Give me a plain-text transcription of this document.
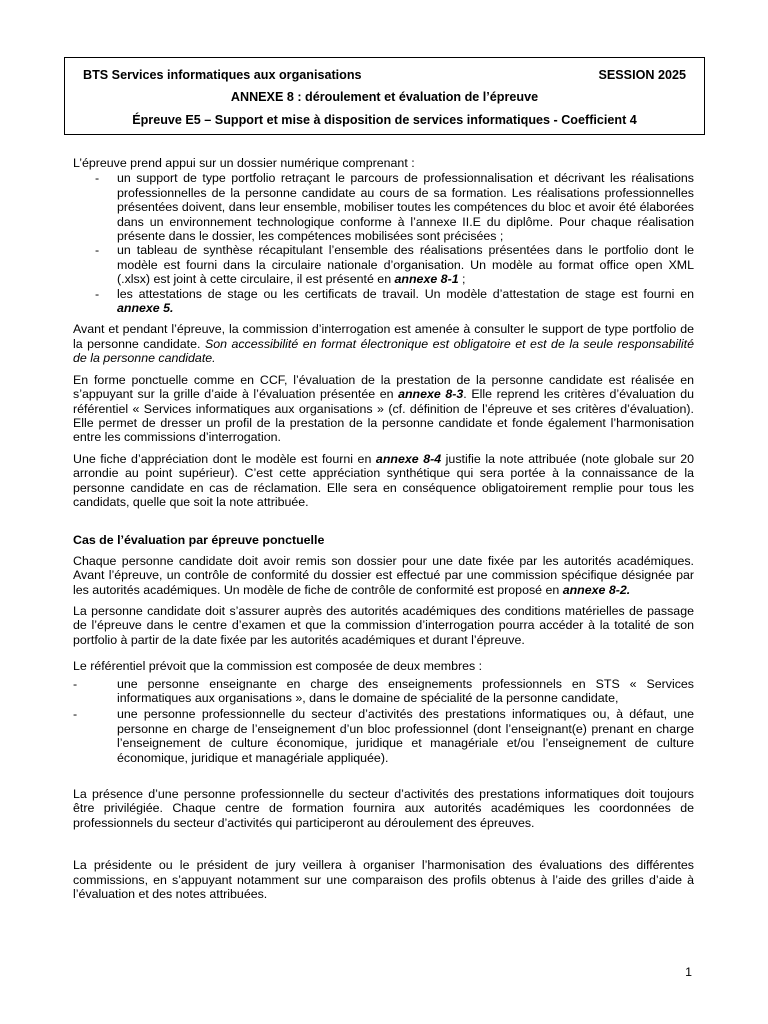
BTS Services informatiques aux organisations	SESSION 2025
ANNEXE 8 : déroulement et évaluation de l’épreuve
Épreuve E5 – Support et mise à disposition de services informatiques - Coefficient 4

L’épreuve prend appui sur un dossier numérique comprenant :

- un support de type portfolio retraçant le parcours de professionnalisation et décrivant les réalisations professionnelles de la personne candidate au cours de sa formation. Les réalisations professionnelles présentées doivent, dans leur ensemble, mobiliser toutes les compétences du bloc et avoir été élaborées dans un environnement technologique conforme à l’annexe II.E du diplôme. Pour chaque réalisation présente dans le dossier, les compétences mobilisées sont précisées ;
- un tableau de synthèse récapitulant l’ensemble des réalisations présentées dans le portfolio dont le modèle est fourni dans la circulaire nationale d’organisation. Un modèle au format office open XML (.xlsx) est joint à cette circulaire, il est présenté en annexe 8-1 ;
- les attestations de stage ou les certificats de travail. Un modèle d’attestation de stage est fourni en annexe 5.

Avant et pendant l’épreuve, la commission d’interrogation est amenée à consulter le support de type portfolio de la personne candidate. Son accessibilité en format électronique est obligatoire et est de la seule responsabilité de la personne candidate.

En forme ponctuelle comme en CCF, l’évaluation de la prestation de la personne candidate est réalisée en s’appuyant sur la grille d’aide à l’évaluation présentée en annexe 8-3. Elle reprend les critères d’évaluation du référentiel « Services informatiques aux organisations » (cf. définition de l’épreuve et ses critères d’évaluation). Elle permet de dresser un profil de la prestation de la personne candidate et fonde également l’harmonisation entre les commissions d’interrogation.

Une fiche d’appréciation dont le modèle est fourni en annexe 8-4 justifie la note attribuée (note globale sur 20 arrondie au point supérieur). C’est cette appréciation synthétique qui sera portée à la connaissance de la personne candidate en cas de réclamation. Elle sera en conséquence obligatoirement remplie pour tous les candidats, quelle que soit la note attribuée.

Cas de l’évaluation par épreuve ponctuelle

Chaque personne candidate doit avoir remis son dossier pour une date fixée par les autorités académiques. Avant l’épreuve, un contrôle de conformité du dossier est effectué par une commission spécifique désignée par les autorités académiques. Un modèle de fiche de contrôle de conformité est proposé en annexe 8-2.

La personne candidate doit s’assurer auprès des autorités académiques des conditions matérielles de passage de l’épreuve dans le centre d’examen et que la commission d’interrogation pourra accéder à la totalité de son portfolio à partir de la date fixée par les autorités académiques et durant l’épreuve.

Le référentiel prévoit que la commission est composée de deux membres :

-	une personne enseignante en charge des enseignements professionnels en STS « Services informatiques aux organisations », dans le domaine de spécialité de la personne candidate,
-	une personne professionnelle du secteur d’activités des prestations informatiques ou, à défaut, une personne en charge de l’enseignement d’un bloc professionnel (dont l’enseignant(e) prenant en charge l’enseignement de culture économique, juridique et managériale et/ou l’enseignement de culture économique, juridique et managériale appliquée).

La présence d’une personne professionnelle du secteur d’activités des prestations informatiques doit toujours être privilégiée. Chaque centre de formation fournira aux autorités académiques les coordonnées de professionnels du secteur d’activités qui participeront au déroulement des épreuves.

La présidente ou le président de jury veillera à organiser l’harmonisation des évaluations des différentes commissions, en s’appuyant notamment sur une comparaison des profils obtenus à l’aide des grilles d’aide à l’évaluation et des notes attribuées.

1
